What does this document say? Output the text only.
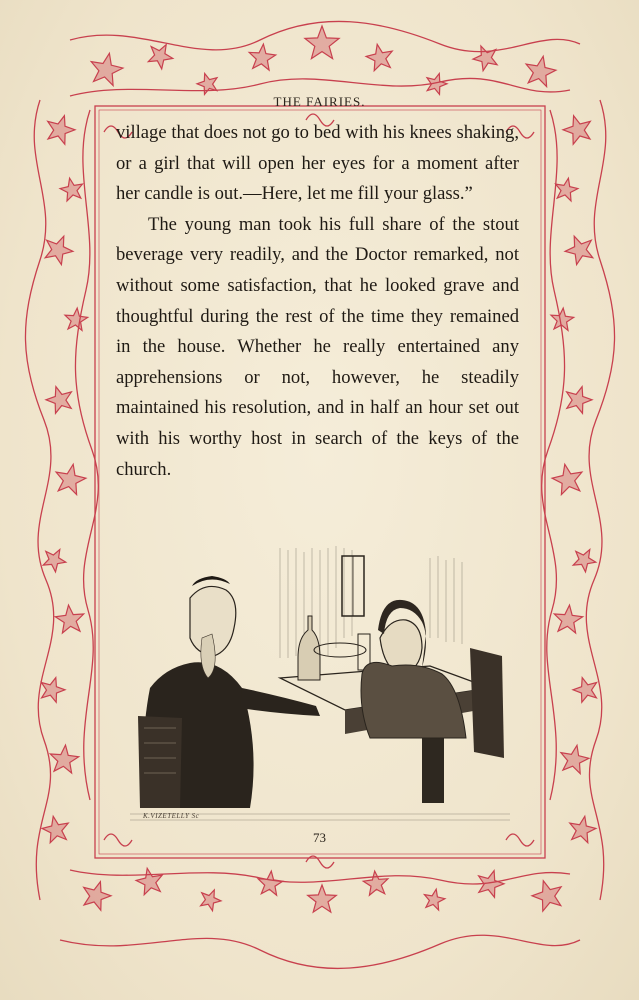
THE FAIRIES.

village that does not go to bed with his knees shaking, or a girl that will open her eyes for a moment after her candle is out.—Here, let me fill your glass.”

The young man took his full share of the stout beverage very readily, and the Doctor remarked, not without some satisfaction, that he looked grave and thoughtful during the rest of the time they remained in the house. Whether he really entertained any apprehensions or not, however, he steadily maintained his resolution, and in half an hour set out with his worthy host in search of the keys of the church.

K.VIZETELLY Sc
73
